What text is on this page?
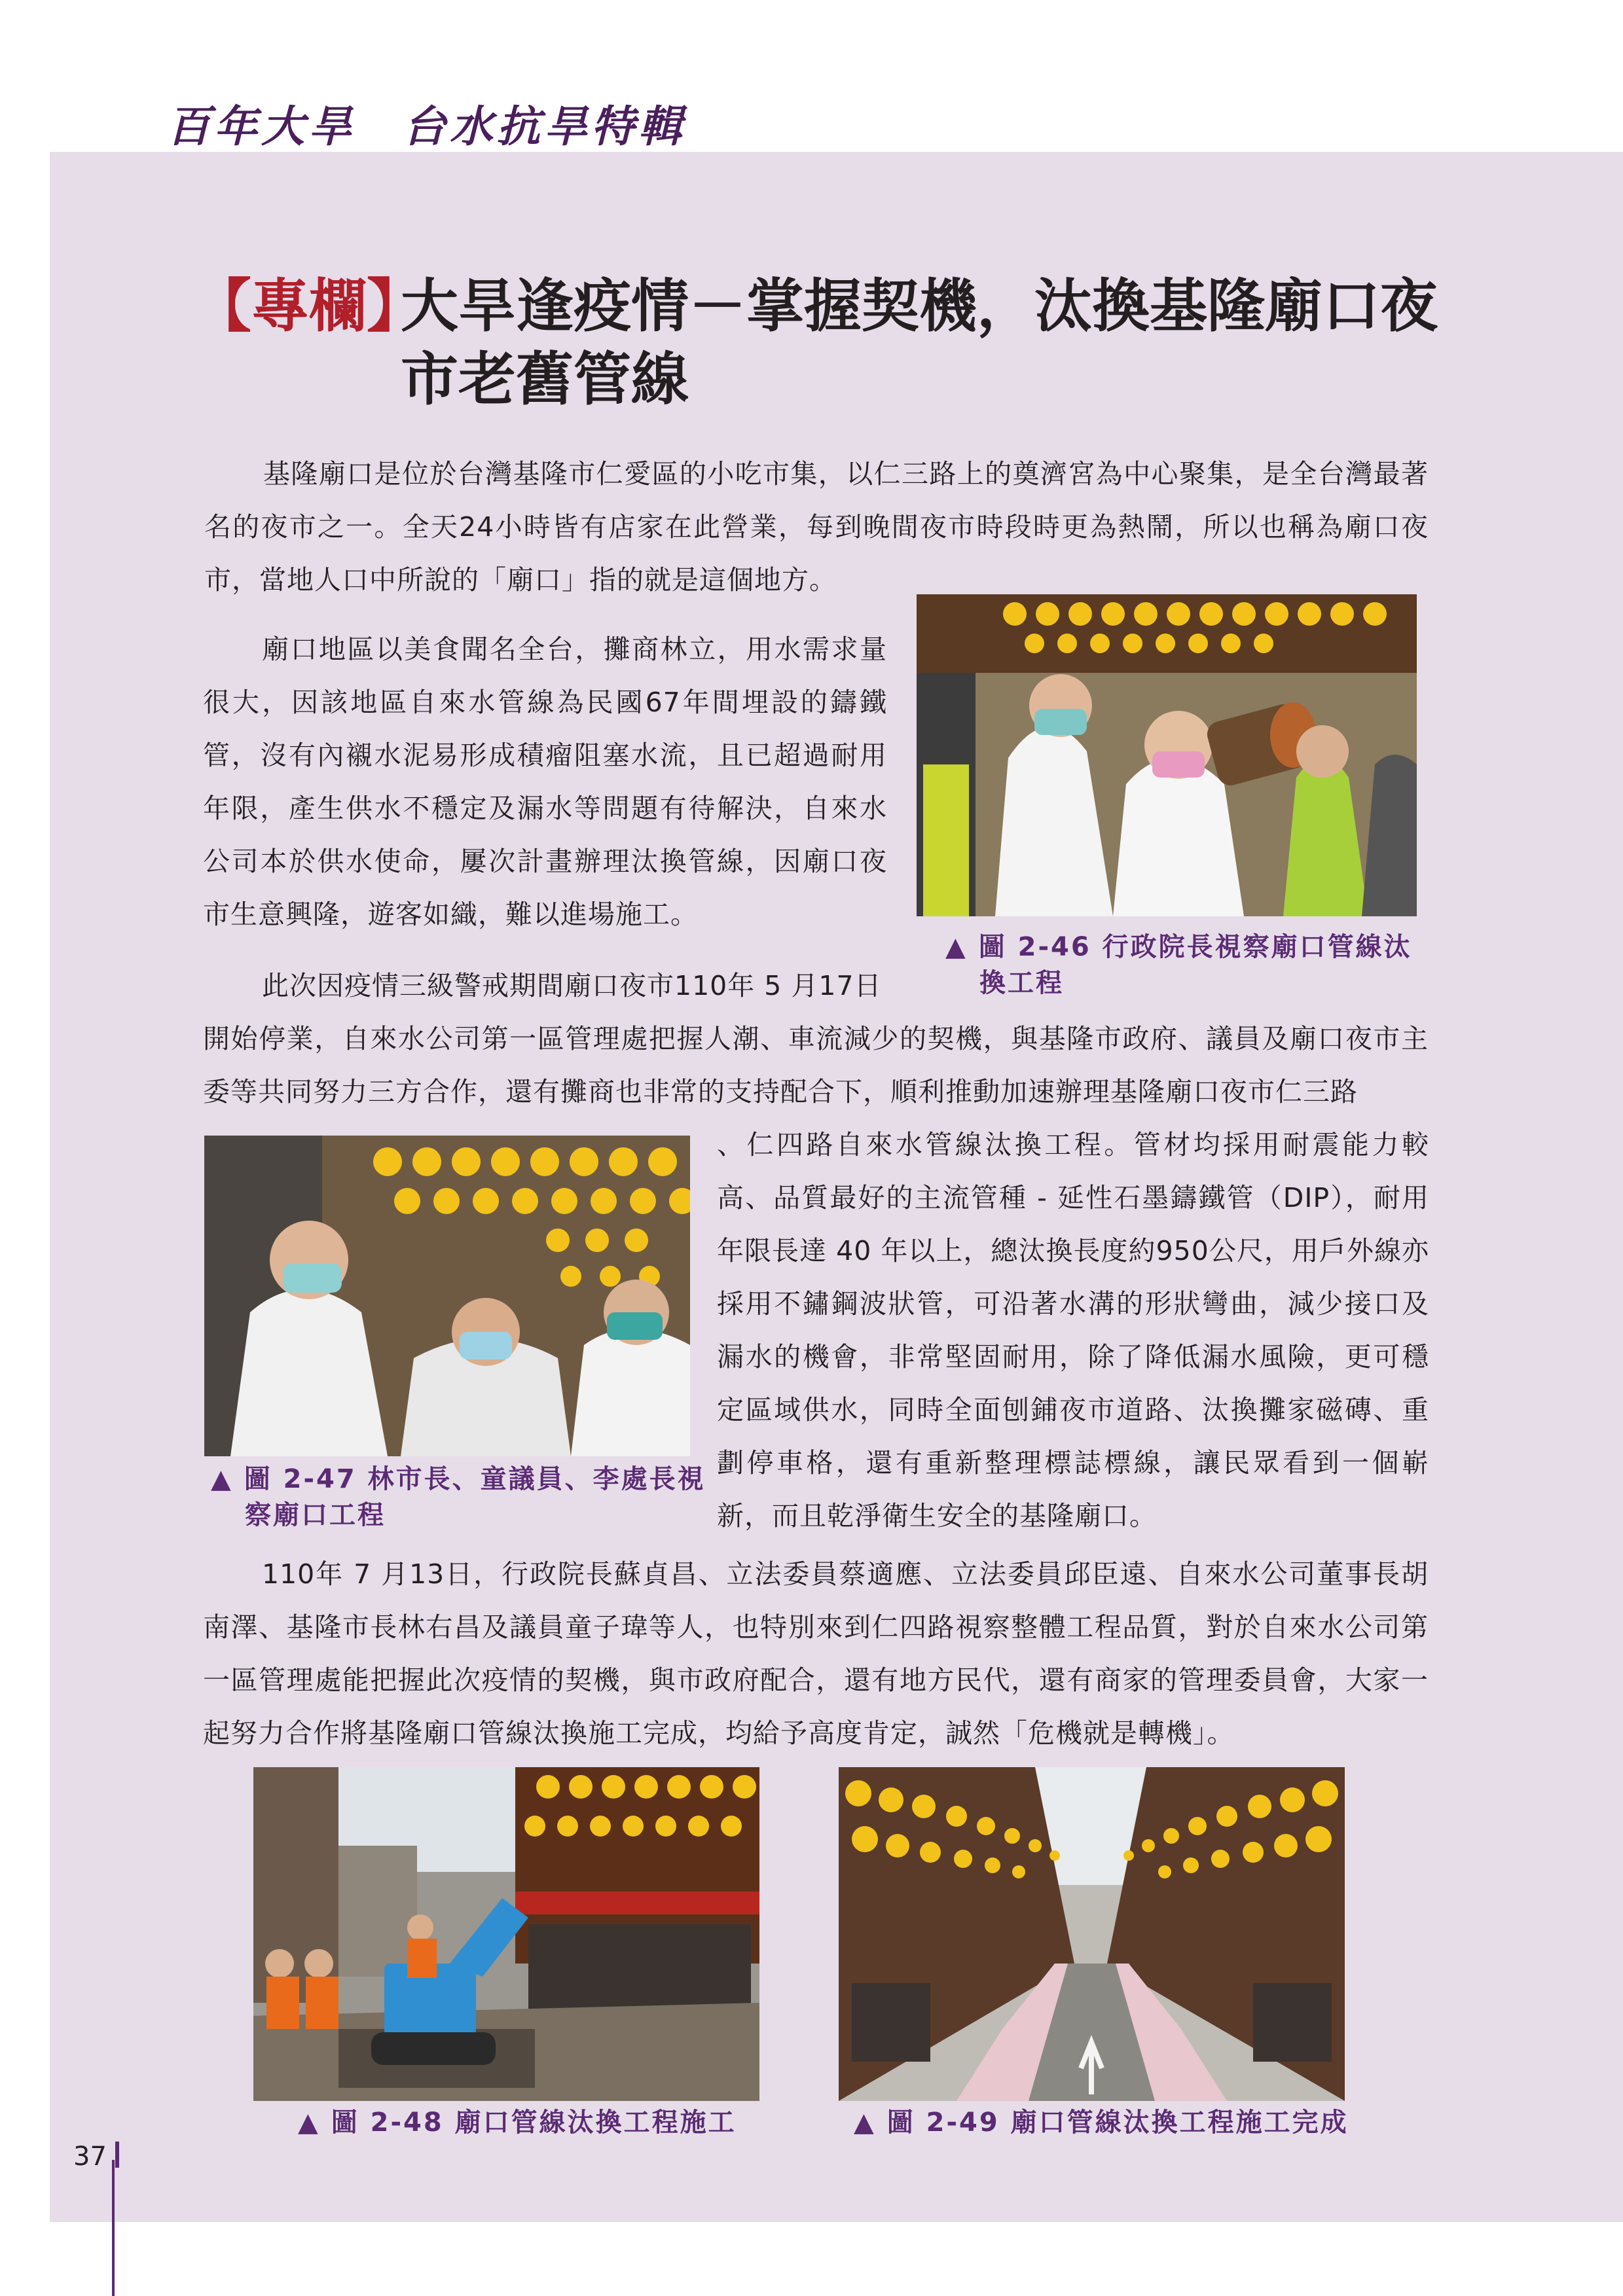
百年大旱　台水抗旱特輯
【專欄】
大旱逢疫情－掌握契機，汰換基隆廟口夜
市老舊管線
基隆廟口是位於台灣基隆市仁愛區的小吃市集，以仁三路上的奠濟宮為中心聚集，是全台灣最著名的夜市之一。全天24小時皆有店家在此營業，每到晚間夜市時段時更為熱鬧，所以也稱為廟口夜市，當地人口中所說的「廟口」指的就是這個地方。
廟口地區以美食聞名全台，攤商林立，用水需求量很大，因該地區自來水管線為民國67年間埋設的鑄鐵管，沒有內襯水泥易形成積瘤阻塞水流，且已超過耐用年限，產生供水不穩定及漏水等問題有待解決，自來水公司本於供水使命，屢次計畫辦理汰換管線，因廟口夜市生意興隆，遊客如織，難以進場施工。
此次因疫情三級警戒期間廟口夜市110年 5 月17日
開始停業，自來水公司第一區管理處把握人潮、車流減少的契機，與基隆市政府、議員及廟口夜市主委等共同努力三方合作，還有攤商也非常的支持配合下，順利推動加速辦理基隆廟口夜市仁三路
、仁四路自來水管線汰換工程。管材均採用耐震能力較高、品質最好的主流管種 - 延性石墨鑄鐵管（DIP），耐用年限長達 40 年以上，總汰換長度約950公尺，用戶外線亦採用不鏽鋼波狀管，可沿著水溝的形狀彎曲，減少接口及漏水的機會，非常堅固耐用，除了降低漏水風險，更可穩定區域供水，同時全面刨鋪夜市道路、汰換攤家磁磚、重劃停車格，還有重新整理標誌標線，讓民眾看到一個嶄新，而且乾淨衛生安全的基隆廟口。
110年 7 月13日，行政院長蘇貞昌、立法委員蔡適應、立法委員邱臣遠、自來水公司董事長胡南澤、基隆市長林右昌及議員童子瑋等人，也特別來到仁四路視察整體工程品質，對於自來水公司第一區管理處能把握此次疫情的契機，與市政府配合，還有地方民代，還有商家的管理委員會，大家一起努力合作將基隆廟口管線汰換施工完成，均給予高度肯定，誠然「危機就是轉機」。
▲ 圖 2-46 行政院長視察廟口管線汰
換工程
▲ 圖 2-47 林市長、童議員、李處長視
察廟口工程
▲ 圖 2-48 廟口管線汰換工程施工	▲ 圖 2-49 廟口管線汰換工程施工完成
37
